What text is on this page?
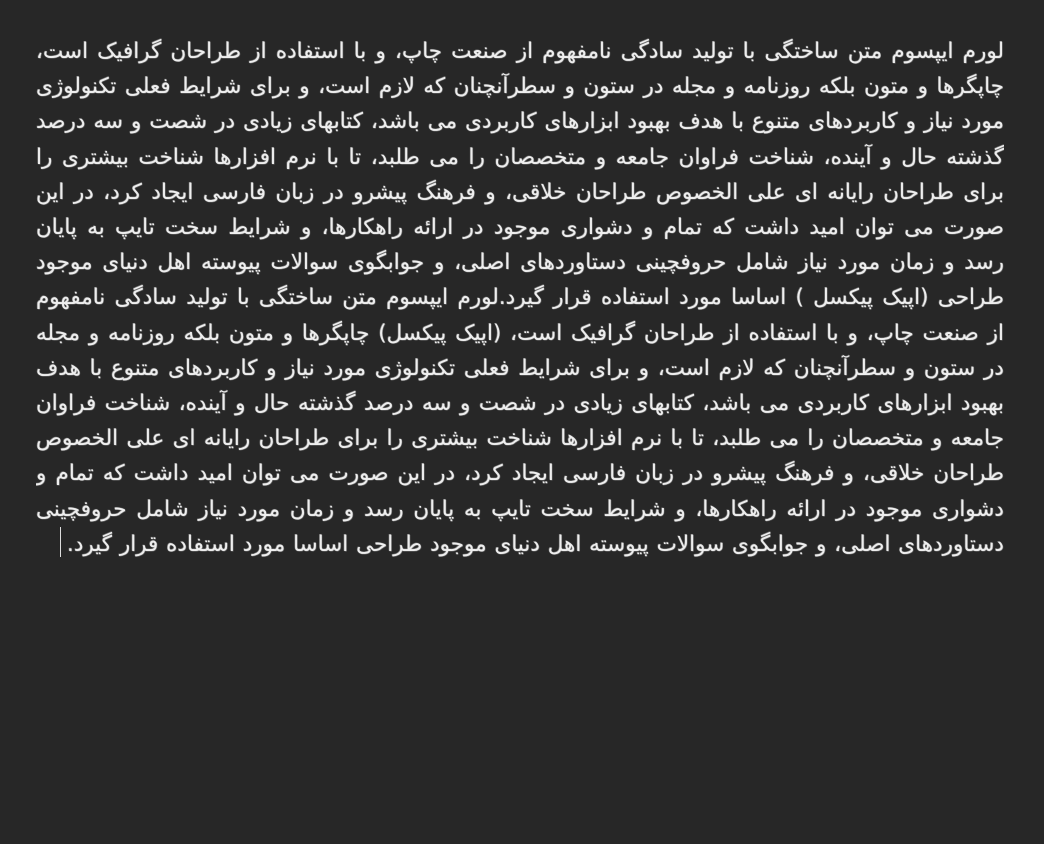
لورم ایپسوم متن ساختگی با تولید سادگی نامفهوم از صنعت چاپ، و با استفاده از طراحان گرافیک است، چاپگرها و متون بلکه روزنامه و مجله در ستون و سطرآنچنان که لازم است، و برای شرایط فعلی تکنولوژی مورد نیاز و کاربردهای متنوع با هدف بهبود ابزارهای کاربردی می باشد، کتابهای زیادی در شصت و سه درصد گذشته حال و آینده، شناخت فراوان جامعه و متخصصان را می طلبد، تا با نرم افزارها شناخت بیشتری را برای طراحان رایانه ای علی الخصوص طراحان خلاقی، و فرهنگ پیشرو در زبان فارسی ایجاد کرد، در این صورت می توان امید داشت که تمام و دشواری موجود در ارائه راهکارها، و شرایط سخت تایپ به پایان رسد و زمان مورد نیاز شامل حروفچینی دستاوردهای اصلی، و جوابگوی سوالات پیوسته اهل دنیای موجود طراحی (اپیک پیکسل ) اساسا مورد استفاده قرار گیرد.لورم ایپسوم متن ساختگی با تولید سادگی نامفهوم از صنعت چاپ، و با استفاده از طراحان گرافیک است، (اپیک پیکسل) چاپگرها و متون بلکه روزنامه و مجله در ستون و سطرآنچنان که لازم است، و برای شرایط فعلی تکنولوژی مورد نیاز و کاربردهای متنوع با هدف بهبود ابزارهای کاربردی می باشد، کتابهای زیادی در شصت و سه درصد گذشته حال و آینده، شناخت فراوان جامعه و متخصصان را می طلبد، تا با نرم افزارها شناخت بیشتری را برای طراحان رایانه ای علی الخصوص طراحان خلاقی، و فرهنگ پیشرو در زبان فارسی ایجاد کرد، در این صورت می توان امید داشت که تمام و دشواری موجود در ارائه راهکارها، و شرایط سخت تایپ به پایان رسد و زمان مورد نیاز شامل حروفچینی دستاوردهای اصلی، و جوابگوی سوالات پیوسته اهل دنیای موجود طراحی اساسا مورد استفاده قرار گیرد.
